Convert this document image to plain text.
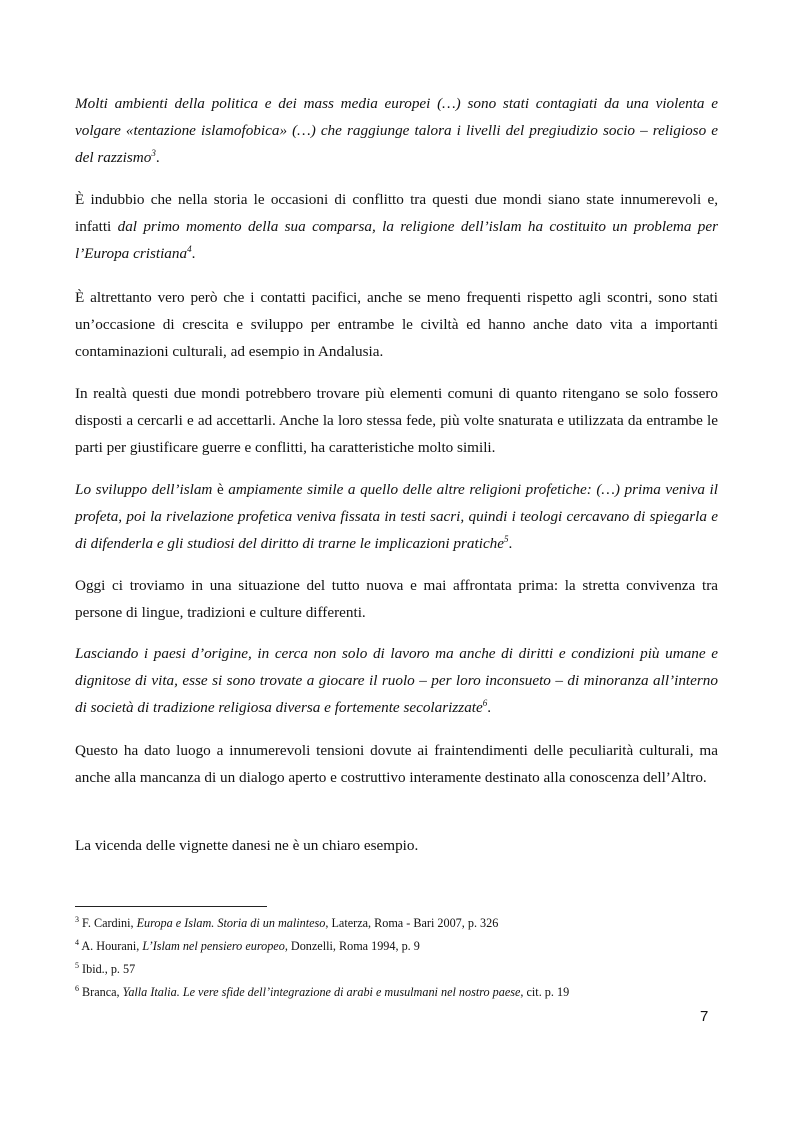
Molti ambienti della politica e dei mass media europei (…) sono stati contagiati da una violenta e volgare «tentazione islamofobica» (…) che raggiunge talora i livelli del pregiudizio socio – religioso e del razzismo$^3$.

È indubbio che nella storia le occasioni di conflitto tra questi due mondi siano state innumerevoli e, infatti dal primo momento della sua comparsa, la religione dell’islam ha costituito un problema per l’Europa cristiana$^4$.

È altrettanto vero però che i contatti pacifici, anche se meno frequenti rispetto agli scontri, sono stati un’occasione di crescita e sviluppo per entrambe le civiltà ed hanno anche dato vita a importanti contaminazioni culturali, ad esempio in Andalusia.

In realtà questi due mondi potrebbero trovare più elementi comuni di quanto ritengano se solo fossero disposti a cercarli e ad accettarli. Anche la loro stessa fede, più volte snaturata e utilizzata da entrambe le parti per giustificare guerre e conflitti, ha caratteristiche molto simili.

Lo sviluppo dell’islam è ampiamente simile a quello delle altre religioni profetiche: (…) prima veniva il profeta, poi la rivelazione profetica veniva fissata in testi sacri, quindi i teologi cercavano di spiegarla e di difenderla e gli studiosi del diritto di trarne le implicazioni pratiche$^5$.

Oggi ci troviamo in una situazione del tutto nuova e mai affrontata prima: la stretta convivenza tra persone di lingue, tradizioni e culture differenti.

Lasciando i paesi d’origine, in cerca non solo di lavoro ma anche di diritti e condizioni più umane e dignitose di vita, esse si sono trovate a giocare il ruolo – per loro inconsueto – di minoranza all’interno di società di tradizione religiosa diversa e fortemente secolarizzate$^6$.

Questo ha dato luogo a innumerevoli tensioni dovute ai fraintendimenti delle peculiarità culturali, ma anche alla mancanza di un dialogo aperto e costruttivo interamente destinato alla conoscenza dell’Altro.

La vicenda delle vignette danesi ne è un chiaro esempio.

$^3$ F. Cardini, Europa e Islam. Storia di un malinteso, Laterza, Roma - Bari 2007, p. 326

$^4$ A. Hourani, L’Islam nel pensiero europeo, Donzelli, Roma 1994, p. 9

$^5$ Ibid., p. 57

$^6$ Branca, Yalla Italia. Le vere sfide dell’integrazione di arabi e musulmani nel nostro paese, cit. p. 19

7
